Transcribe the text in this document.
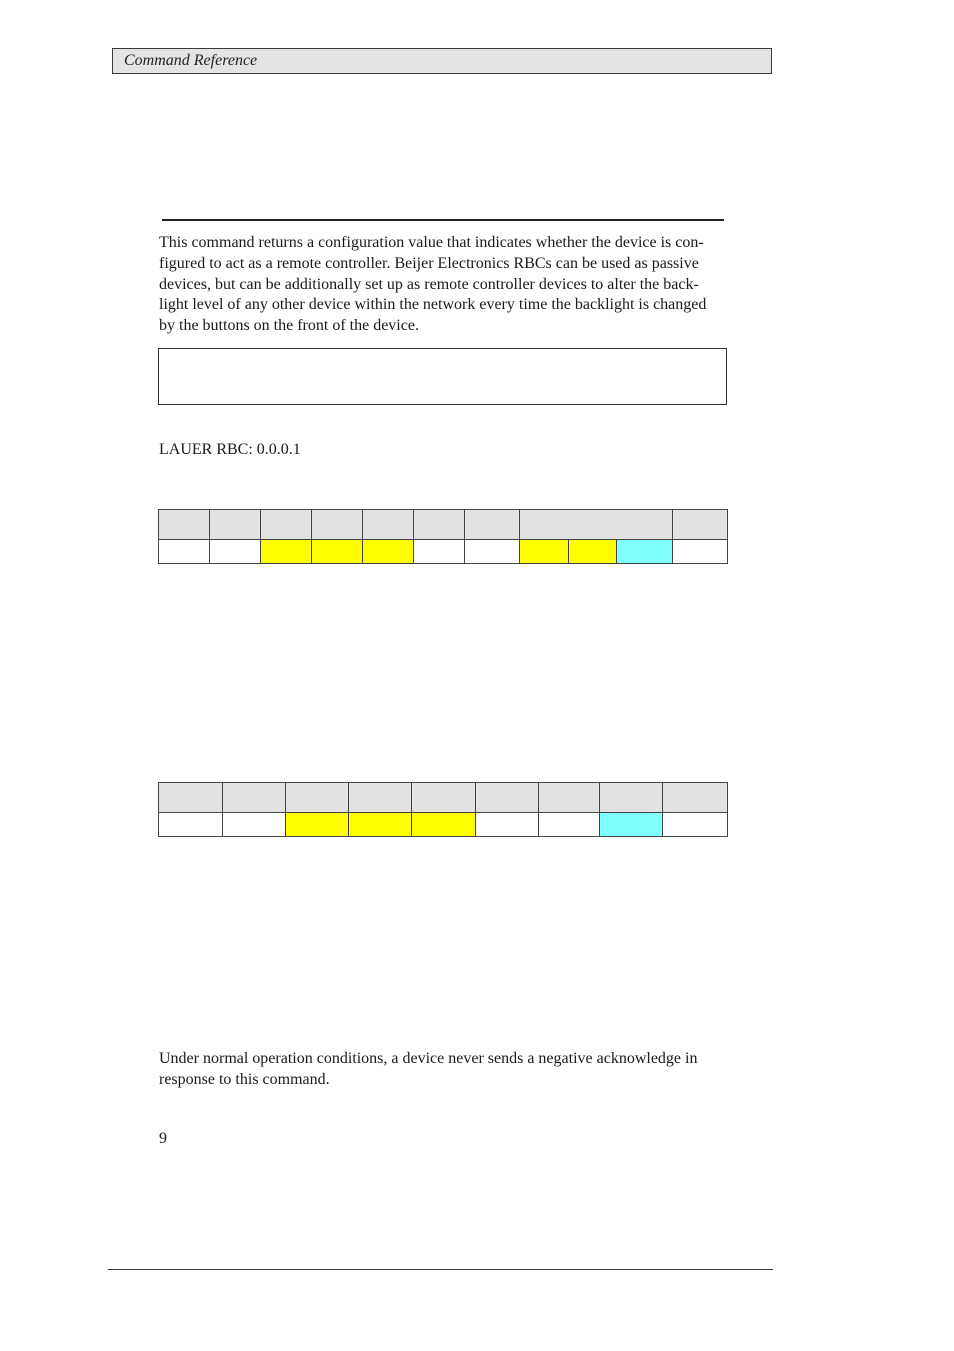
Command Reference
This command returns a configuration value that indicates whether the device is con-
figured to act as a remote controller. Beijer Electronics RBCs can be used as passive
devices, but can be additionally set up as remote controller devices to alter the back-
light level of any other device within the network every time the backlight is changed
by the buttons on the front of the device.
LAUER RBC: 0.0.0.1

Under normal operation conditions, a device never sends a negative acknowledge in
response to this command.
9
